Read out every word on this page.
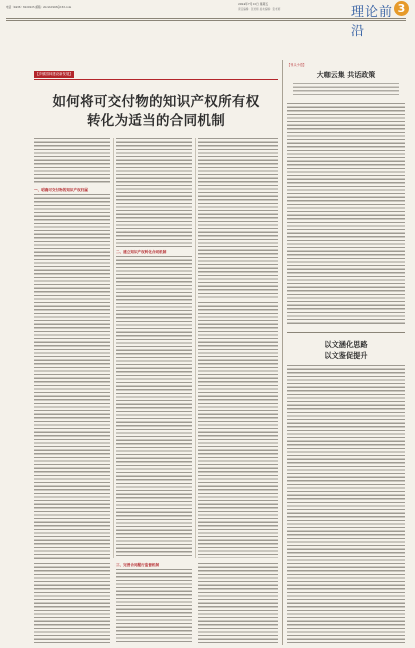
电话（0436）6220225 邮箱：zhcxh1993@163.com
2024年7月12日 星期五
责任编辑：张老师 美术编辑：张老师	理论前沿
3
【乡镇园林建设新发展】
如何将可交付物的知识产权所有权
转化为适当的合同机制
一、明确可交付物的知识产权归属
二、建立知识产权转化合同机制
三、完善合同履行监督机制
【刊头小语】
大咖云集 共话政策
以文涵化思路
以文鉴促提升
